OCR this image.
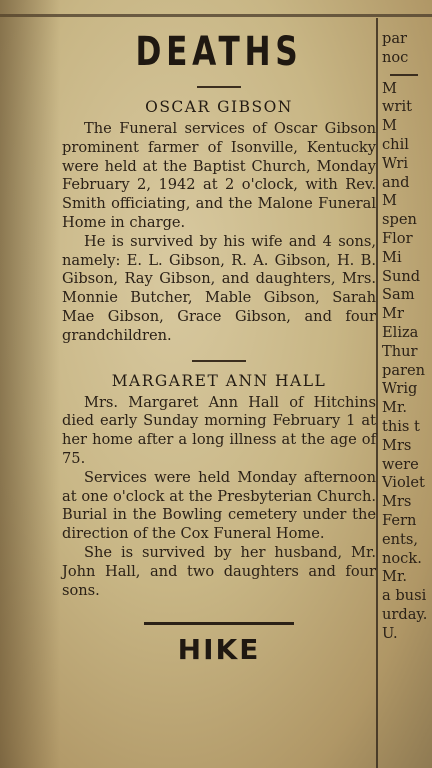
DEATHS
OSCAR GIBSON

The Funeral services of Oscar Gibson prominent farmer of Isonville, Kentucky were held at the Baptist Church, Monday February 2, 1942 at 2 o'clock, with Rev. Smith officiating, and the Malone Funeral Home in charge.

He is survived by his wife and 4 sons, namely: E. L. Gibson, R. A. Gibson, H. B. Gibson, Ray Gibson, and daughters, Mrs. Monnie Butcher, Mable Gibson, Sarah Mae Gibson, Grace Gibson, and four grandchildren.

MARGARET ANN HALL

Mrs. Margaret Ann Hall of Hitchins died early Sunday morning February 1 at her home after a long illness at the age of 75.

Services were held Monday afternoon at one o'clock at the Presbyterian Church. Burial in the Bowling cemetery under the direction of the Cox Funeral Home.

She is survived by her husband, Mr. John Hall, and two daughters and four sons.

HIKE
par
noc
M
writ
M
chil
Wri
and
M
spen
Flor
Mi
Sund
Sam
Mr
Eliza
Thur
paren
Wrig
Mr.
this t
Mrs
were
Violet
Mrs
Fern
ents,
nock.
Mr.
a busi
urday.
U.
